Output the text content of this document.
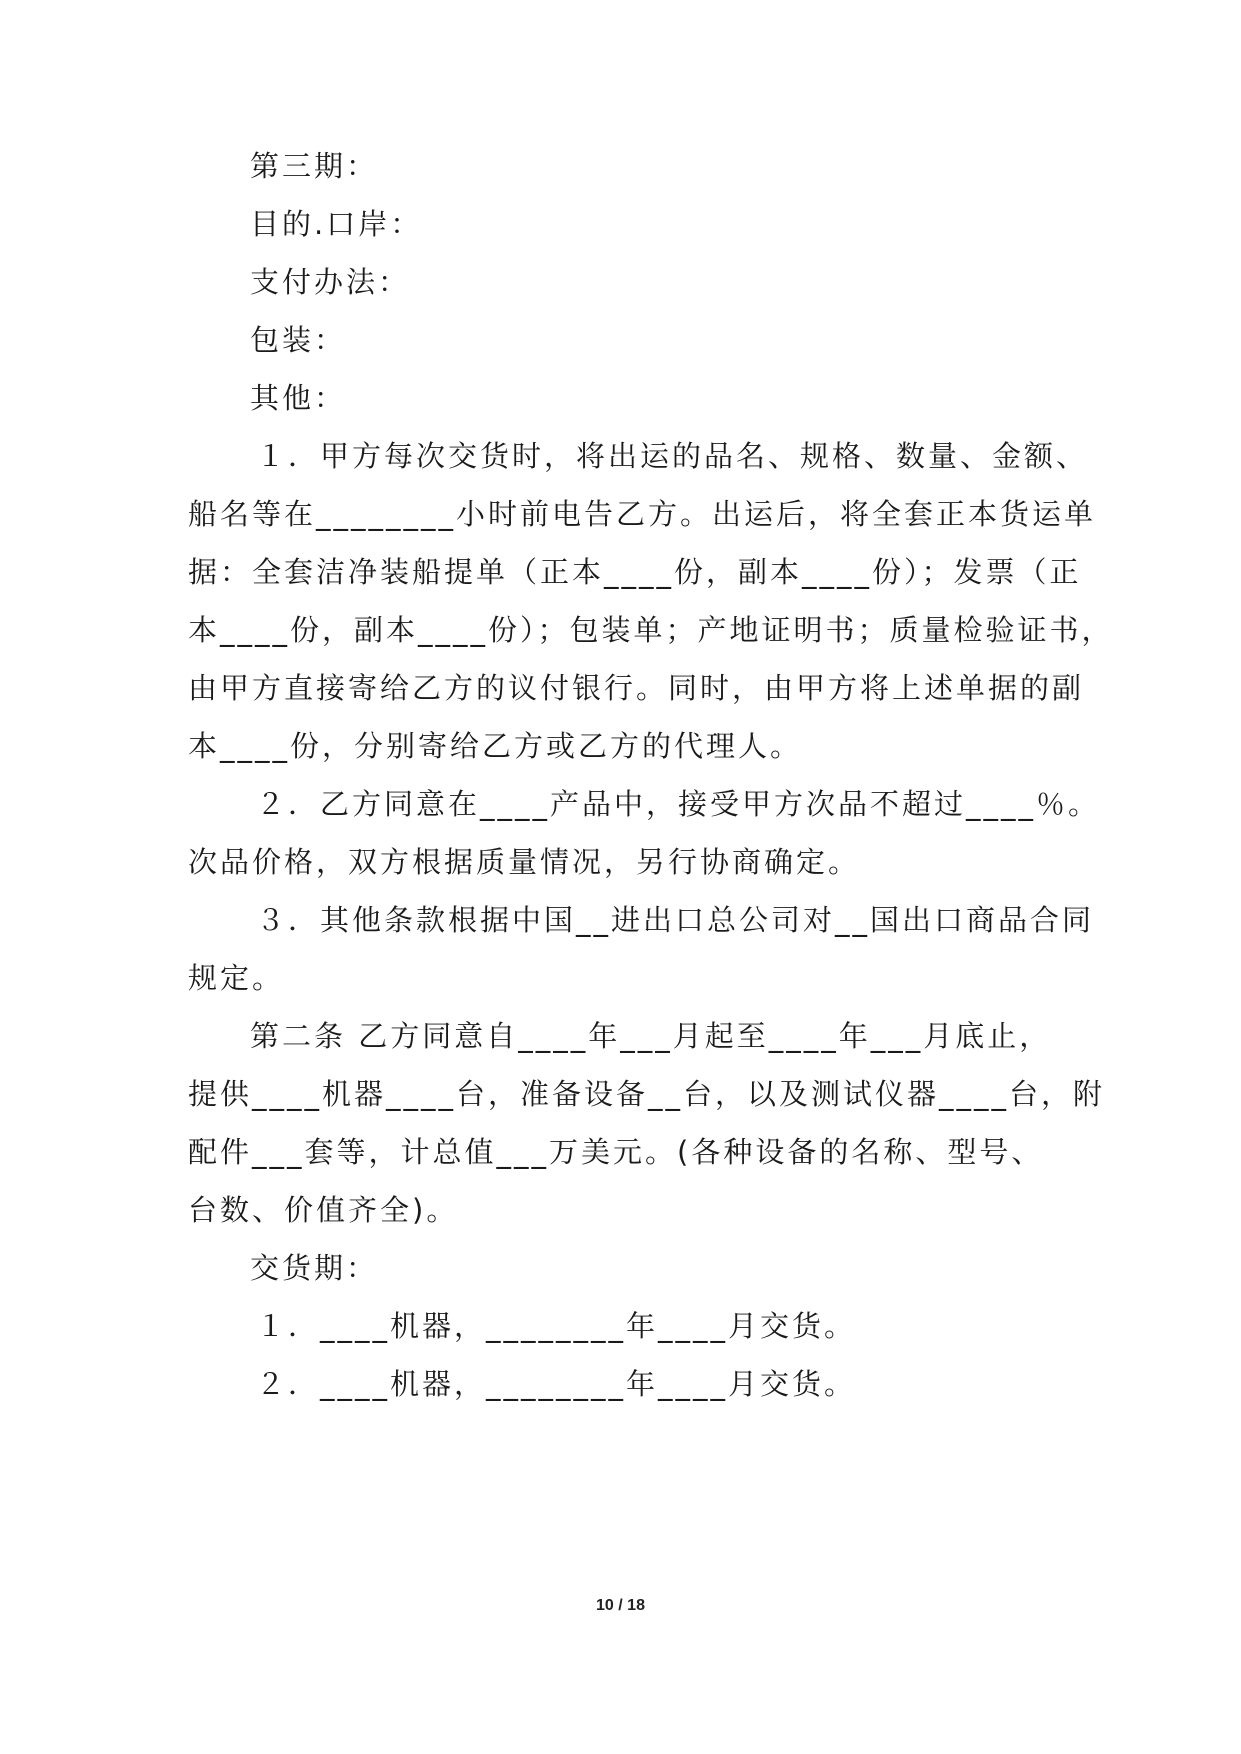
第三期：
目的.口岸：
支付办法：
包装：
其他：
１．甲方每次交货时，将出运的品名、规格、数量、金额、
船名等在________小时前电告乙方。出运后，将全套正本货运单
据：全套洁净装船提单（正本____份，副本____份）；发票（正
本____份，副本____份）；包装单；产地证明书；质量检验证书，
由甲方直接寄给乙方的议付银行。同时，由甲方将上述单据的副
本____份，分别寄给乙方或乙方的代理人。
２．乙方同意在____产品中，接受甲方次品不超过____％。
次品价格，双方根据质量情况，另行协商确定。
３．其他条款根据中国__进出口总公司对__国出口商品合同
规定。
第二条 乙方同意自____年___月起至____年___月底止，
提供____机器____台，准备设备__台，以及测试仪器____台，附
配件___套等，计总值___万美元。(各种设备的名称、型号、
台数、价值齐全)。
交货期：
１．____机器，________年____月交货。
２．____机器，________年____月交货。
10 / 18
